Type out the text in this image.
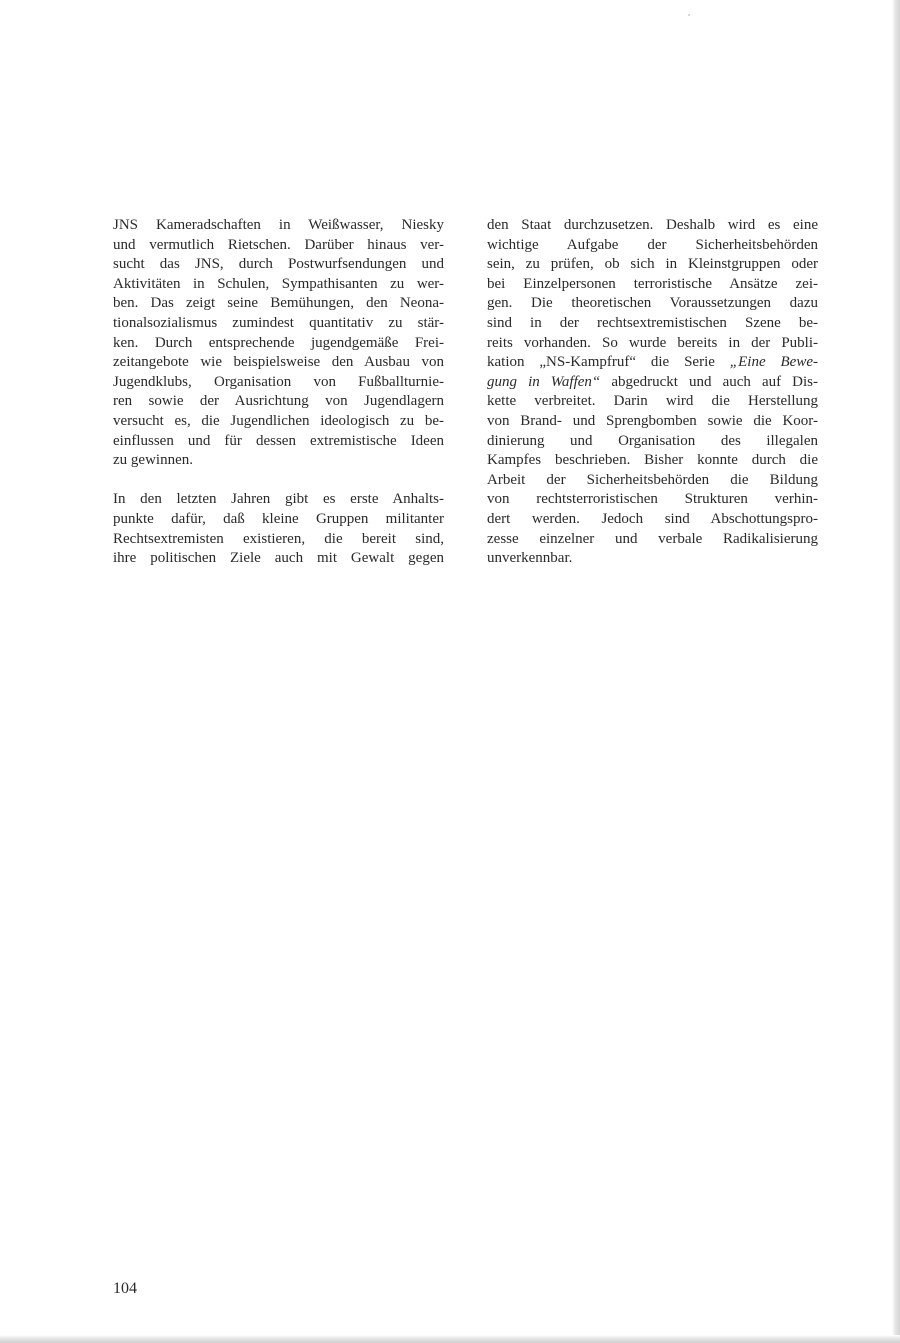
JNS Kameradschaften in Weißwasser, Niesky
und vermutlich Rietschen. Darüber hinaus ver-
sucht das JNS, durch Postwurfsendungen und
Aktivitäten in Schulen, Sympathisanten zu wer-
ben. Das zeigt seine Bemühungen, den Neona-
tionalsozialismus zumindest quantitativ zu stär-
ken. Durch entsprechende jugendgemäße Frei-
zeitangebote wie beispielsweise den Ausbau von
Jugendklubs, Organisation von Fußballturnie-
ren sowie der Ausrichtung von Jugendlagern
versucht es, die Jugendlichen ideologisch zu be-
einflussen und für dessen extremistische Ideen
zu gewinnen.
In den letzten Jahren gibt es erste Anhalts-
punkte dafür, daß kleine Gruppen militanter
Rechtsextremisten existieren, die bereit sind,
ihre politischen Ziele auch mit Gewalt gegen
den Staat durchzusetzen. Deshalb wird es eine
wichtige Aufgabe der Sicherheitsbehörden
sein, zu prüfen, ob sich in Kleinstgruppen oder
bei Einzelpersonen terroristische Ansätze zei-
gen. Die theoretischen Voraussetzungen dazu
sind in der rechtsextremistischen Szene be-
reits vorhanden. So wurde bereits in der Publi-
kation „NS-Kampfruf“ die Serie „Eine Bewe-
gung in Waffen“ abgedruckt und auch auf Dis-
kette verbreitet. Darin wird die Herstellung
von Brand- und Sprengbomben sowie die Koor-
dinierung und Organisation des illegalen
Kampfes beschrieben. Bisher konnte durch die
Arbeit der Sicherheitsbehörden die Bildung
von rechtsterroristischen Strukturen verhin-
dert werden. Jedoch sind Abschottungspro-
zesse einzelner und verbale Radikalisierung
unverkennbar.
104
